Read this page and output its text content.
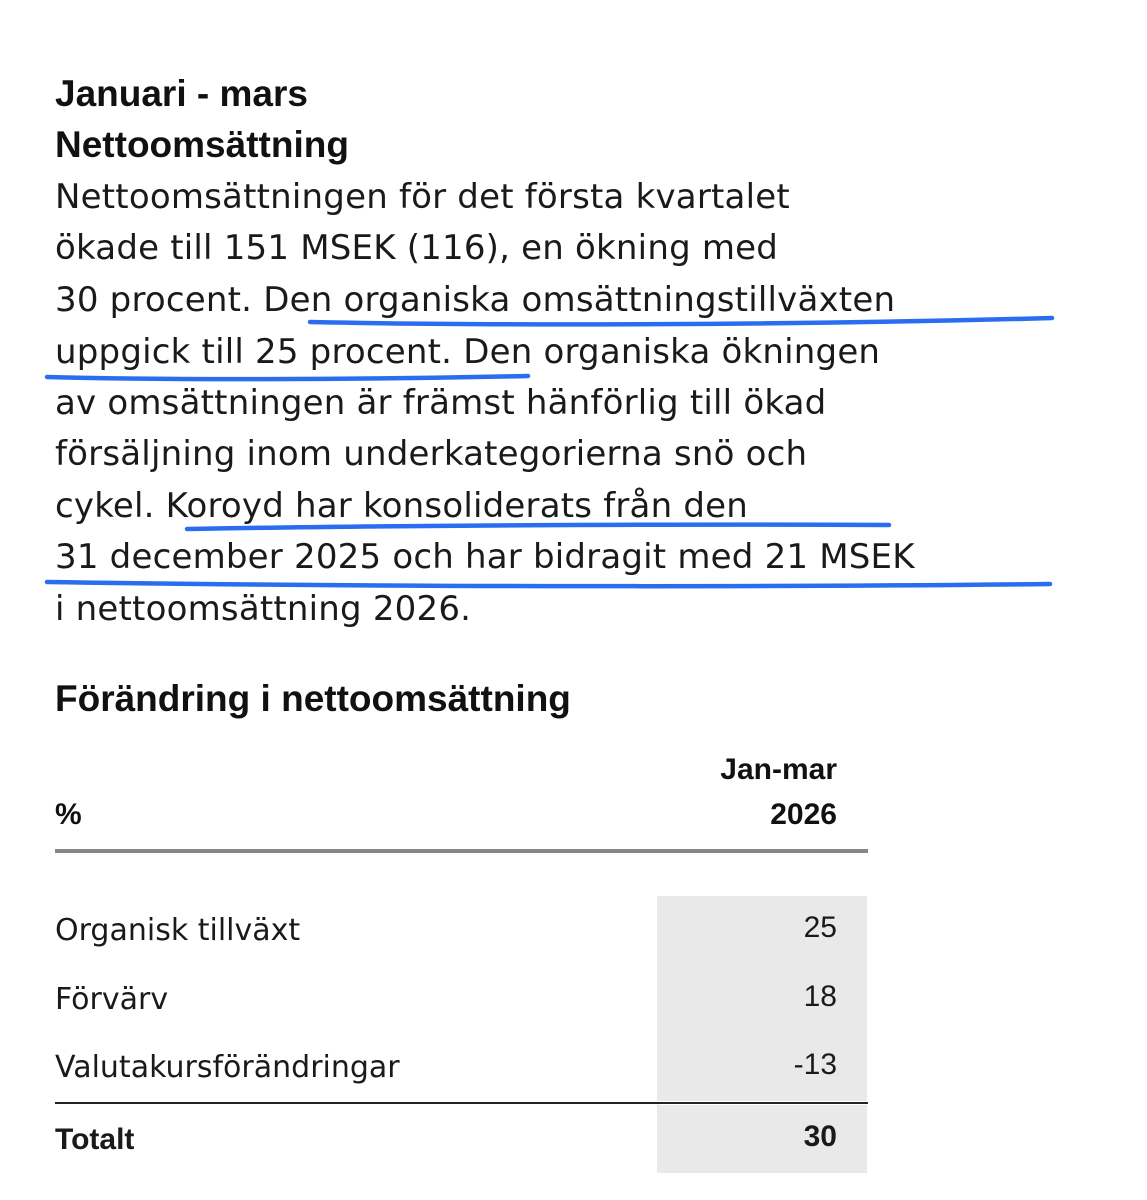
Januari - mars
Nettoomsättning
Nettoomsättningen för det första kvartalet
ökade till 151 MSEK (116), en ökning med
30 procent. Den organiska omsättningstillväxten
uppgick till 25 procent. Den organiska ökningen
av omsättningen är främst hänförlig till ökad
försäljning inom underkategorierna snö och
cykel. Koroyd har konsoliderats från den
31 december 2025 och har bidragit med 21 MSEK
i nettoomsättning 2026.
Förändring i nettoomsättning
%
Jan-mar
2026
Organisk tillväxt	25
Förvärv	18
Valutakursförändringar	-13
Totalt	30
